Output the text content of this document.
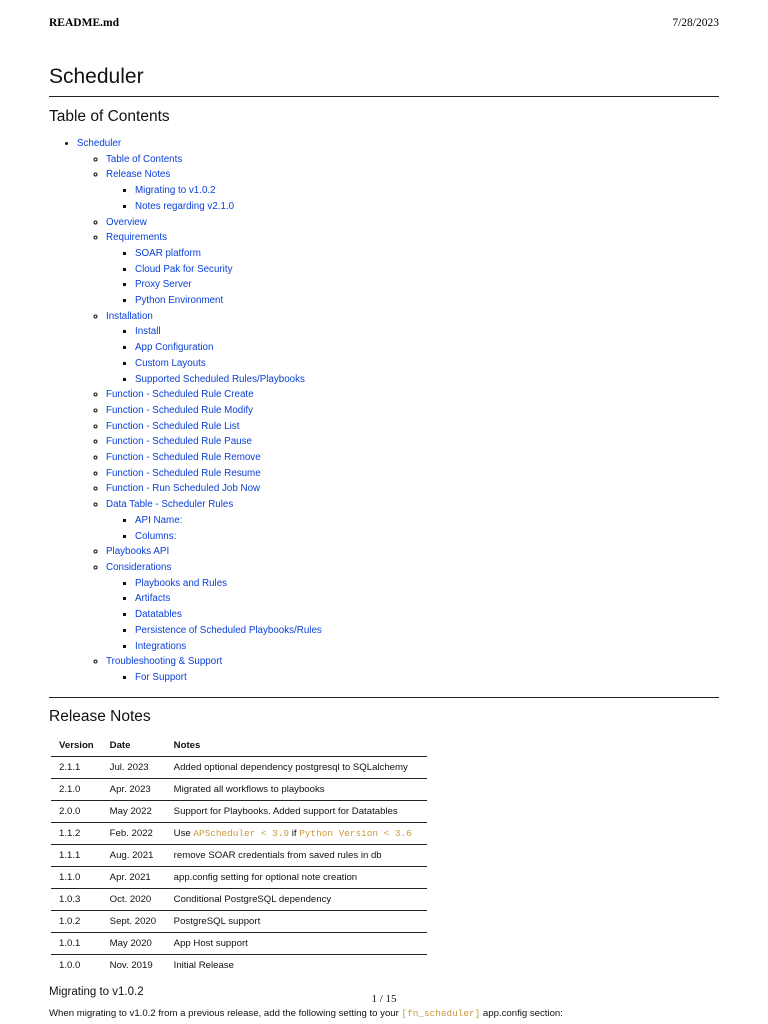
README.md	7/28/2023
Scheduler
Table of Contents
• Scheduler
◦ Table of Contents
◦ Release Notes
▪ Migrating to v1.0.2
▪ Notes regarding v2.1.0
◦ Overview
◦ Requirements
▪ SOAR platform
▪ Cloud Pak for Security
▪ Proxy Server
▪ Python Environment
◦ Installation
▪ Install
▪ App Configuration
▪ Custom Layouts
▪ Supported Scheduled Rules/Playbooks
◦ Function - Scheduled Rule Create
◦ Function - Scheduled Rule Modify
◦ Function - Scheduled Rule List
◦ Function - Scheduled Rule Pause
◦ Function - Scheduled Rule Remove
◦ Function - Scheduled Rule Resume
◦ Function - Run Scheduled Job Now
◦ Data Table - Scheduler Rules
▪ API Name:
▪ Columns:
◦ Playbooks API
◦ Considerations
▪ Playbooks and Rules
▪ Artifacts
▪ Datatables
▪ Persistence of Scheduled Playbooks/Rules
▪ Integrations
◦ Troubleshooting & Support
▪ For Support
Release Notes
Version	Date	Notes
2.1.1	Jul. 2023	Added optional dependency postgresql to SQLalchemy
2.1.0	Apr. 2023	Migrated all workflows to playbooks
2.0.0	May 2022	Support for Playbooks. Added support for Datatables
1.1.2	Feb. 2022	Use APScheduler < 3.9 if Python Version < 3.6
1.1.1	Aug. 2021	remove SOAR credentials from saved rules in db
1.1.0	Apr. 2021	app.config setting for optional note creation
1.0.3	Oct. 2020	Conditional PostgreSQL dependency
1.0.2	Sept. 2020	PostgreSQL support
1.0.1	May 2020	App Host support
1.0.0	Nov. 2019	Initial Release
Migrating to v1.0.2

When migrating to v1.0.2 from a previous release, add the following setting to your [fn_scheduler] app.config section:

1 / 15
